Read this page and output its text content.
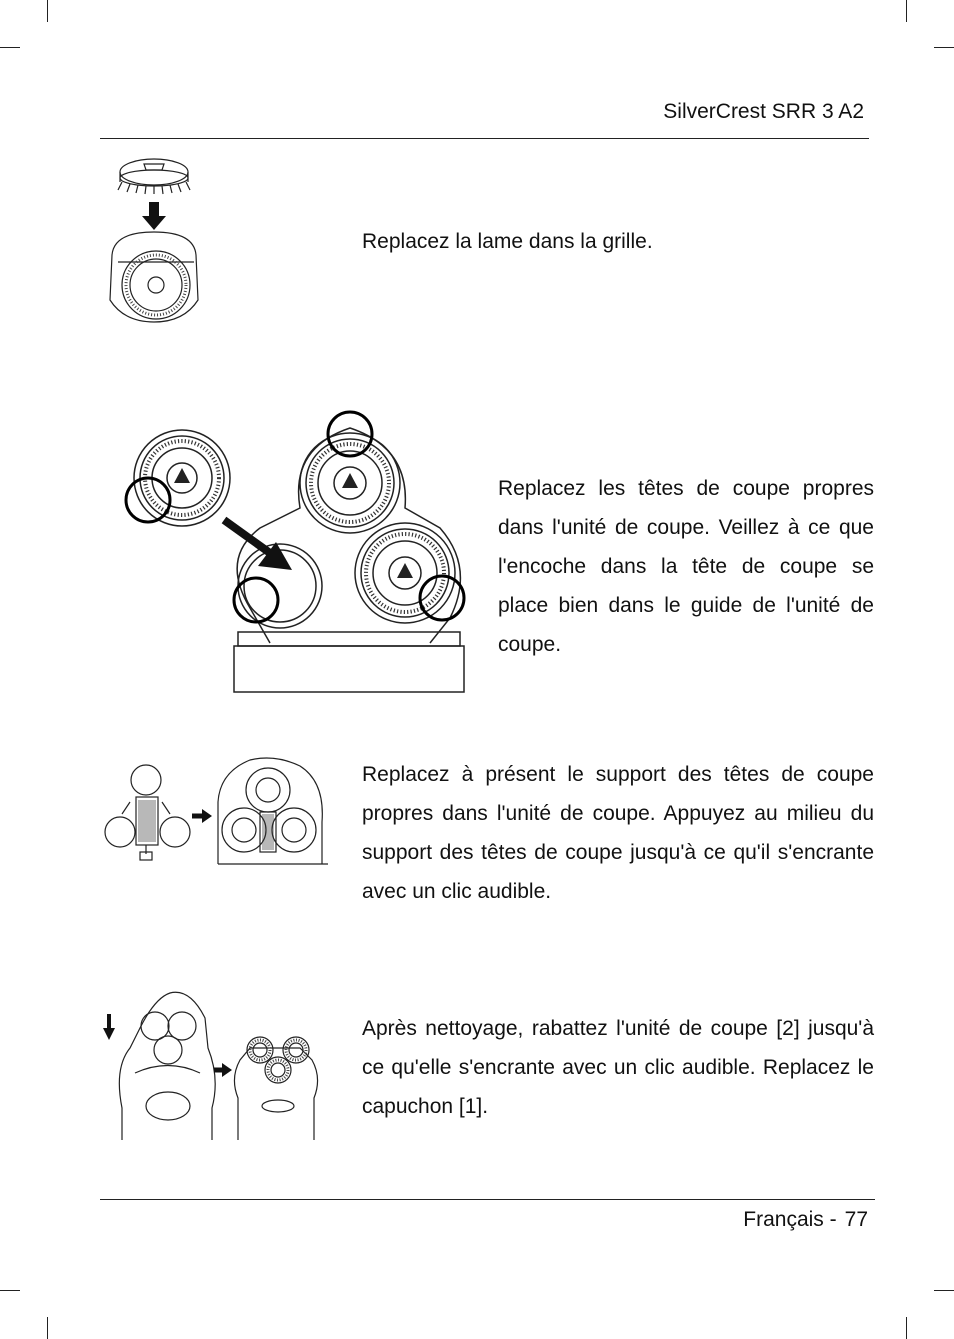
SilverCrest SRR 3 A2
Replacez la lame dans la grille.
Replacez les têtes de coupe propres dans l'unité de coupe. Veillez à ce que l'encoche dans la tête de coupe se place bien dans le guide de l'unité de coupe.
Replacez à présent le support des têtes de coupe propres dans l'unité de coupe. Appuyez au milieu du support des têtes de coupe jusqu'à ce qu'il s'encrante avec un clic audible.
Après nettoyage, rabattez l'unité de coupe [2] jusqu'à ce qu'elle s'encrante avec un clic audible. Replacez le capuchon [1].
Français - 77
